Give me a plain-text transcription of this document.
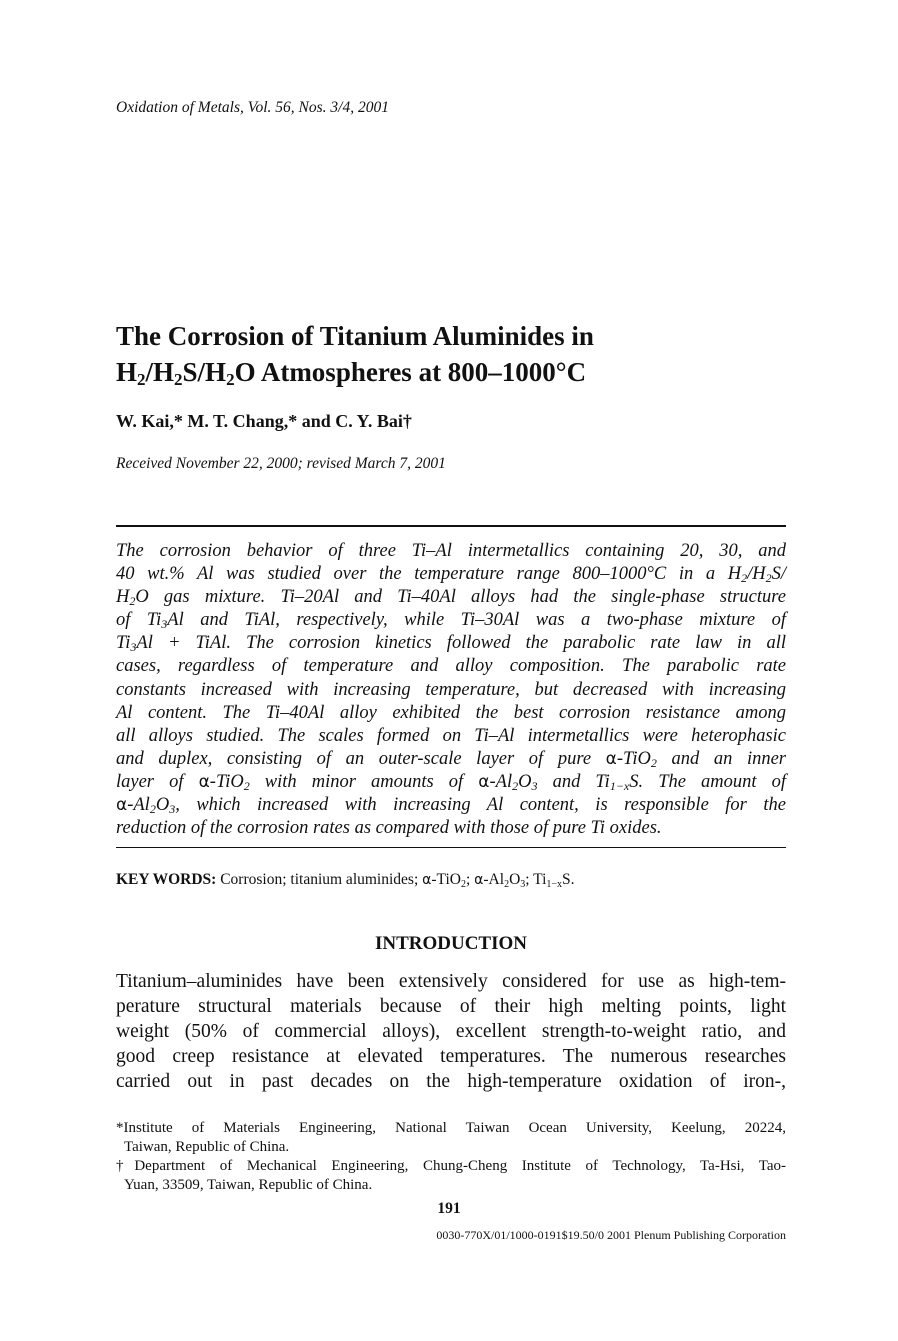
Oxidation of Metals, Vol. 56, Nos. 3/4, 2001
The Corrosion of Titanium Aluminides in
$H_2/H_2S/H_2O$ Atmospheres at 800–1000°C
W. Kai,* M. T. Chang,* and C. Y. Bai†
Received November 22, 2000; revised March 7, 2001
The corrosion behavior of three Ti–Al intermetallics containing 20, 30, and
40 wt.% Al was studied over the temperature range 800–1000°C in a $H_2/H_2S/$
$H_2O$ gas mixture. Ti–20Al and Ti–40Al alloys had the single-phase structure
of $Ti_3Al$ and TiAl, respectively, while Ti–30Al was a two-phase mixture of
$Ti_3Al$ + TiAl. The corrosion kinetics followed the parabolic rate law in all
cases, regardless of temperature and alloy composition. The parabolic rate
constants increased with increasing temperature, but decreased with increasing
Al content. The Ti–40Al alloy exhibited the best corrosion resistance among
all alloys studied. The scales formed on Ti–Al intermetallics were heterophasic
and duplex, consisting of an outer-scale layer of pure α-TiO$_2$ and an inner
layer of α-TiO$_2$ with minor amounts of $\alpha-Al_2O_3$ and $Ti_{1-x}S$. The amount of
$\alpha-Al_2O_3$, which increased with increasing Al content, is responsible for the
reduction of the corrosion rates as compared with those of pure Ti oxides.
KEY WORDS: Corrosion; titanium aluminides; α-TiO$_2$; $\alpha-Al_2O_3$; $Ti_{1-x}S$.
INTRODUCTION
Titanium–aluminides have been extensively considered for use as high-tem-
perature structural materials because of their high melting points, light
weight (50% of commercial alloys), excellent strength-to-weight ratio, and
good creep resistance at elevated temperatures. The numerous researches
carried out in past decades on the high-temperature oxidation of iron-,
*Institute of Materials Engineering, National Taiwan Ocean University, Keelung, 20224,
Taiwan, Republic of China.
†Department of Mechanical Engineering, Chung-Cheng Institute of Technology, Ta-Hsi, Tao-
Yuan, 33509, Taiwan, Republic of China.
191
0030-770X/01/1000-0191$19.50/0 2001 Plenum Publishing Corporation
